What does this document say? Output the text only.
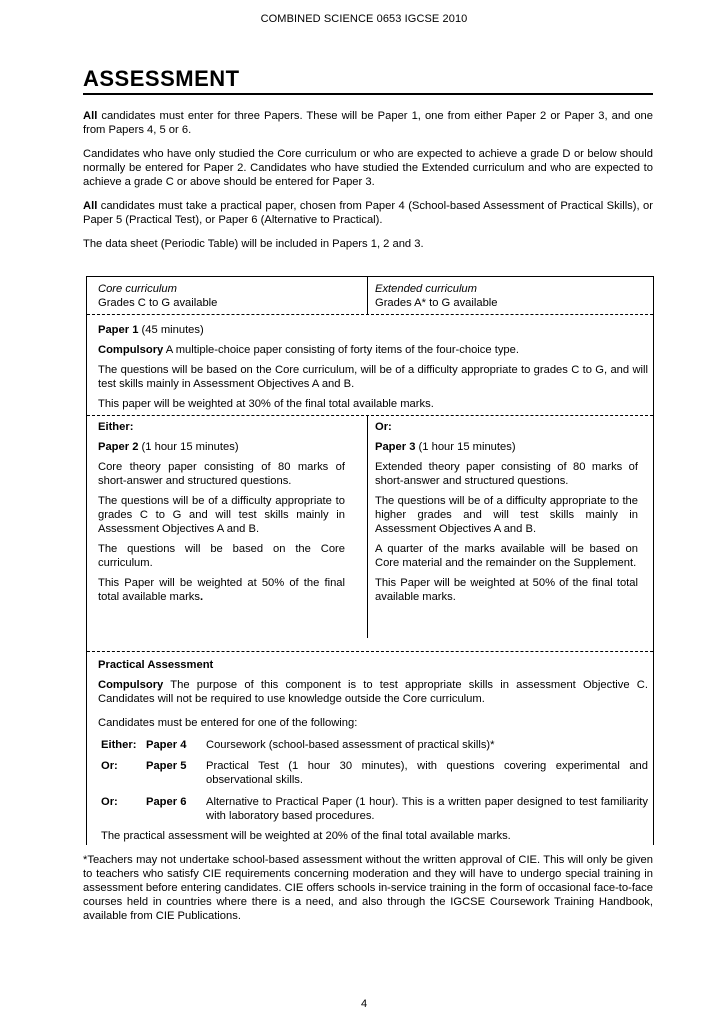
COMBINED SCIENCE 0653 IGCSE 2010
ASSESSMENT

All candidates must enter for three Papers. These will be Paper 1, one from either Paper 2 or Paper 3, and one from Papers 4, 5 or 6.

Candidates who have only studied the Core curriculum or who are expected to achieve a grade D or below should normally be entered for Paper 2. Candidates who have studied the Extended curriculum and who are expected to achieve a grade C or above should be entered for Paper 3.

All candidates must take a practical paper, chosen from Paper 4 (School-based Assessment of Practical Skills), or Paper 5 (Practical Test), or Paper 6 (Alternative to Practical).

The data sheet (Periodic Table) will be included in Papers 1, 2 and 3.

Core curriculum
Grades C to G available
Extended curriculum
Grades A* to G available
Paper 1 (45 minutes)
Compulsory A multiple-choice paper consisting of forty items of the four-choice type.
The questions will be based on the Core curriculum, will be of a difficulty appropriate to grades C to G, and will test skills mainly in Assessment Objectives A and B.
This paper will be weighted at 30% of the final total available marks.
Either:
Paper 2 (1 hour 15 minutes)
Core theory paper consisting of 80 marks of short-answer and structured questions.
The questions will be of a difficulty appropriate to grades C to G and will test skills mainly in Assessment Objectives A and B.
The questions will be based on the Core curriculum.
This Paper will be weighted at 50% of the final total available marks.
Or:
Paper 3 (1 hour 15 minutes)
Extended theory paper consisting of 80 marks of short-answer and structured questions.
The questions will be of a difficulty appropriate to the higher grades and will test skills mainly in Assessment Objectives A and B.
A quarter of the marks available will be based on Core material and the remainder on the Supplement.
This Paper will be weighted at 50% of the final total available marks.
Practical Assessment
Compulsory The purpose of this component is to test appropriate skills in assessment Objective C. Candidates will not be required to use knowledge outside the Core curriculum.
Candidates must be entered for one of the following:
Either: Paper 4 Coursework (school-based assessment of practical skills)*
Or:	Paper 5 Practical Test (1 hour 30 minutes), with questions covering experimental and observational skills.
Or:	Paper 6 Alternative to Practical Paper (1 hour). This is a written paper designed to test familiarity with laboratory based procedures.
The practical assessment will be weighted at 20% of the final total available marks.
*Teachers may not undertake school-based assessment without the written approval of CIE. This will only be given to teachers who satisfy CIE requirements concerning moderation and they will have to undergo special training in assessment before entering candidates. CIE offers schools in-service training in the form of occasional face-to-face courses held in countries where there is a need, and also through the IGCSE Coursework Training Handbook, available from CIE Publications.
4
